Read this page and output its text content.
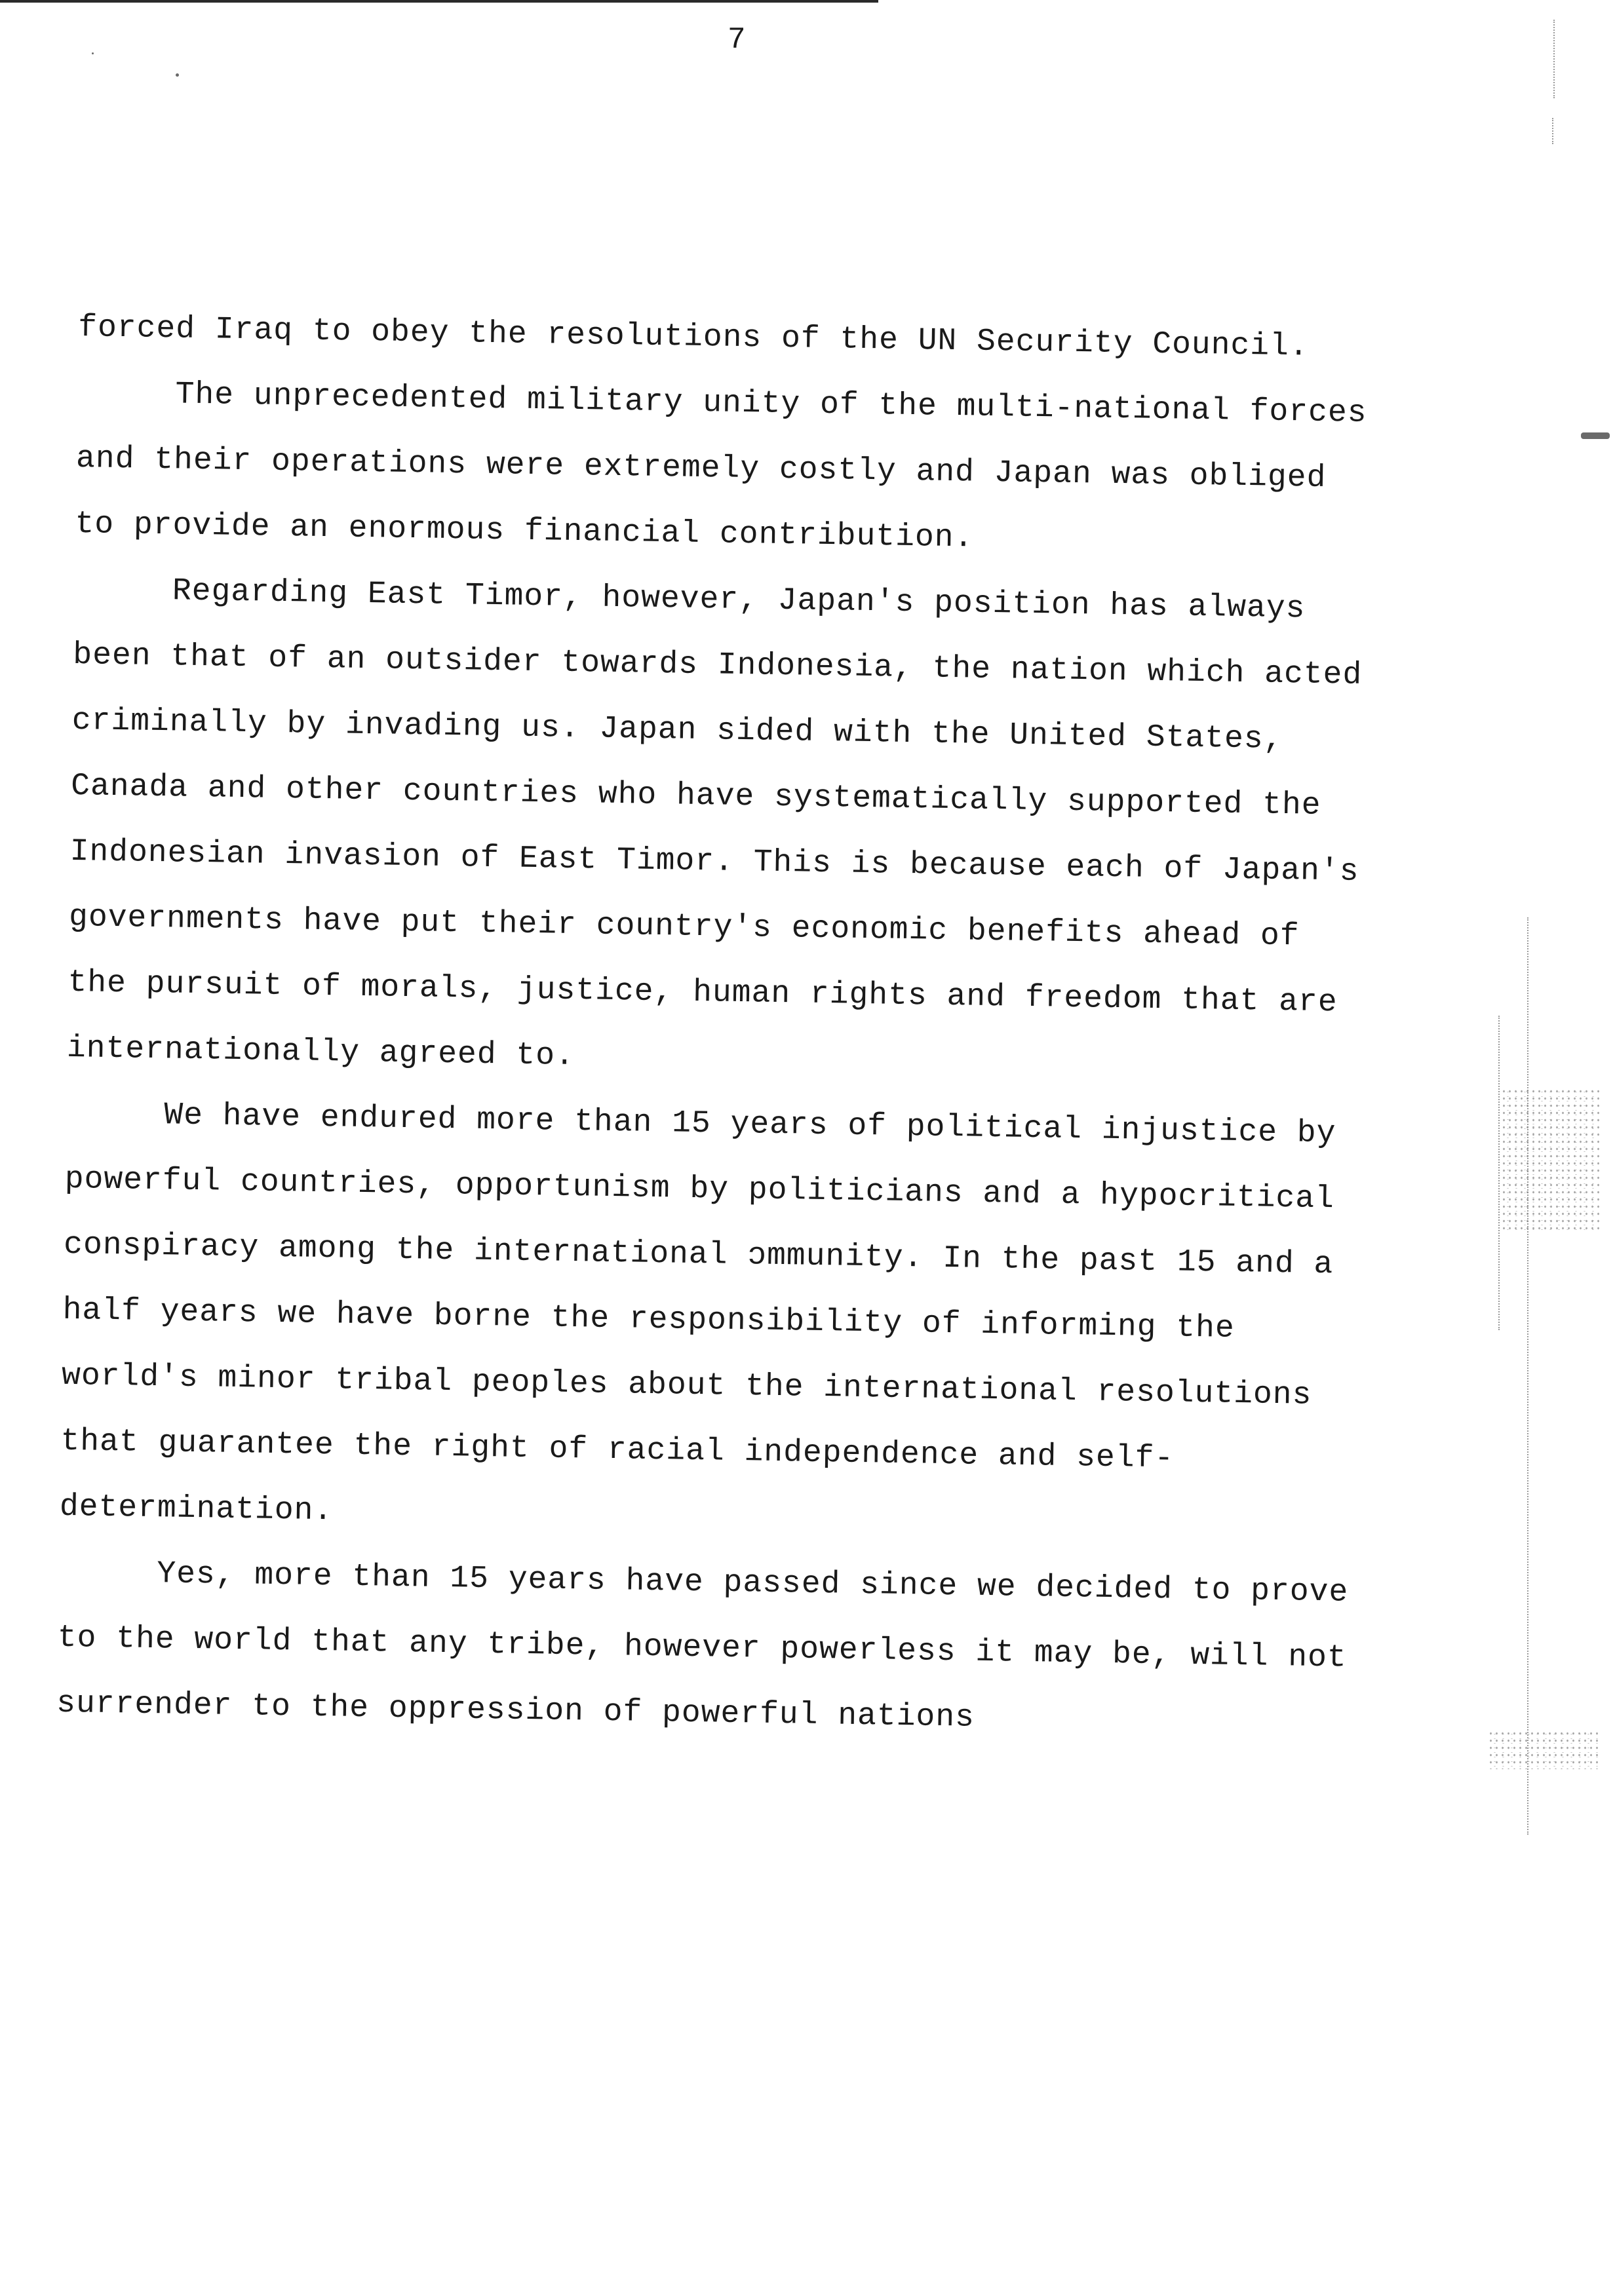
7

forced Iraq to obey the resolutions of the UN Security Council.

The unprecedented military unity of the multi-national forces and their operations were extremely costly and Japan was obliged to provide an enormous financial contribution.

Regarding East Timor, however, Japan's position has always been that of an outsider towards Indonesia, the nation which acted criminally by invading us. Japan sided with the United States, Canada and other countries who have systematically supported the Indonesian invasion of East Timor. This is because each of Japan's governments have put their country's economic benefits ahead of the pursuit of morals, justice, human rights and freedom that are internationally agreed to.

We have endured more than 15 years of political injustice by powerful countries, opportunism by politicians and a hypocritical conspiracy among the international ɔmmunity. In the past 15 and a half years we have borne the responsibility of informing the world's minor tribal peoples about the international resolutions that guarantee the right of racial independence and self-determination.

Yes, more than 15 years have passed since we decided to prove to the world that any tribe, however powerless it may be, will not surrender to the oppression of powerful nations
